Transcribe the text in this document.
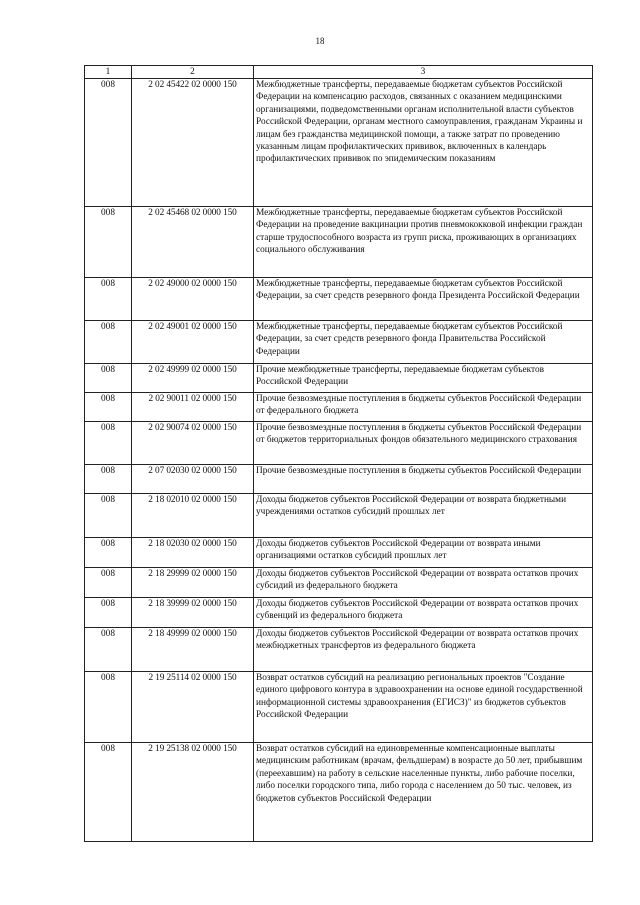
18
1	2	3
008	2 02 45422 02 0000 150	Межбюджетные трансферты, передаваемые бюджетам субъектов Российской Федерации на компенсацию расходов, связанных с оказанием медицинскими организациями, подведомственными органам исполнительной власти субъектов Российской Федерации, органам местного самоуправления, гражданам Украины и лицам без гражданства медицинской помощи, а также затрат по проведению указанным лицам профилактических прививок, включенных в календарь профилактических прививок по эпидемическим показаниям
008	2 02 45468 02 0000 150	Межбюджетные трансферты, передаваемые бюджетам субъектов Российской Федерации на проведение вакцинации против пневмококковой инфекции граждан старше трудоспособного возраста из групп риска, проживающих в организациях социального обслуживания
008	2 02 49000 02 0000 150	Межбюджетные трансферты, передаваемые бюджетам субъектов Российской Федерации, за счет средств резервного фонда Президента Российской Федерации
008	2 02 49001 02 0000 150	Межбюджетные трансферты, передаваемые бюджетам субъектов Российской Федерации, за счет средств резервного фонда Правительства Российской Федерации
008	2 02 49999 02 0000 150	Прочие межбюджетные трансферты, передаваемые бюджетам субъектов Российской Федерации
008	2 02 90011 02 0000 150	Прочие безвозмездные поступления в бюджеты субъектов Российской Федерации от федерального бюджета
008	2 02 90074 02 0000 150	Прочие безвозмездные поступления в бюджеты субъектов Российской Федерации от бюджетов территориальных фондов обязательного медицинского страхования
008	2 07 02030 02 0000 150	Прочие безвозмездные поступления в бюджеты субъектов Российской Федерации
008	2 18 02010 02 0000 150	Доходы бюджетов субъектов Российской Федерации от возврата бюджетными учреждениями остатков субсидий прошлых лет
008	2 18 02030 02 0000 150	Доходы бюджетов субъектов Российской Федерации от возврата иными организациями остатков субсидий прошлых лет
008	2 18 29999 02 0000 150	Доходы бюджетов субъектов Российской Федерации от возврата остатков прочих субсидий из федерального бюджета
008	2 18 39999 02 0000 150	Доходы бюджетов субъектов Российской Федерации от возврата остатков прочих субвенций из федерального бюджета
008	2 18 49999 02 0000 150	Доходы бюджетов субъектов Российской Федерации от возврата остатков прочих межбюджетных трансфертов из федерального бюджета
008	2 19 25114 02 0000 150	Возврат остатков субсидий на реализацию региональных проектов "Создание единого цифрового контура в здравоохранении на основе единой государственной информационной системы здравоохранения (ЕГИСЗ)" из бюджетов субъектов Российской Федерации
008	2 19 25138 02 0000 150	Возврат остатков субсидий на единовременные компенсационные выплаты медицинским работникам (врачам, фельдшерам) в возрасте до 50 лет, прибывшим (переехавшим) на работу в сельские населенные пункты, либо рабочие поселки, либо поселки городского типа, либо города с населением до 50 тыс. человек, из бюджетов субъектов Российской Федерации
